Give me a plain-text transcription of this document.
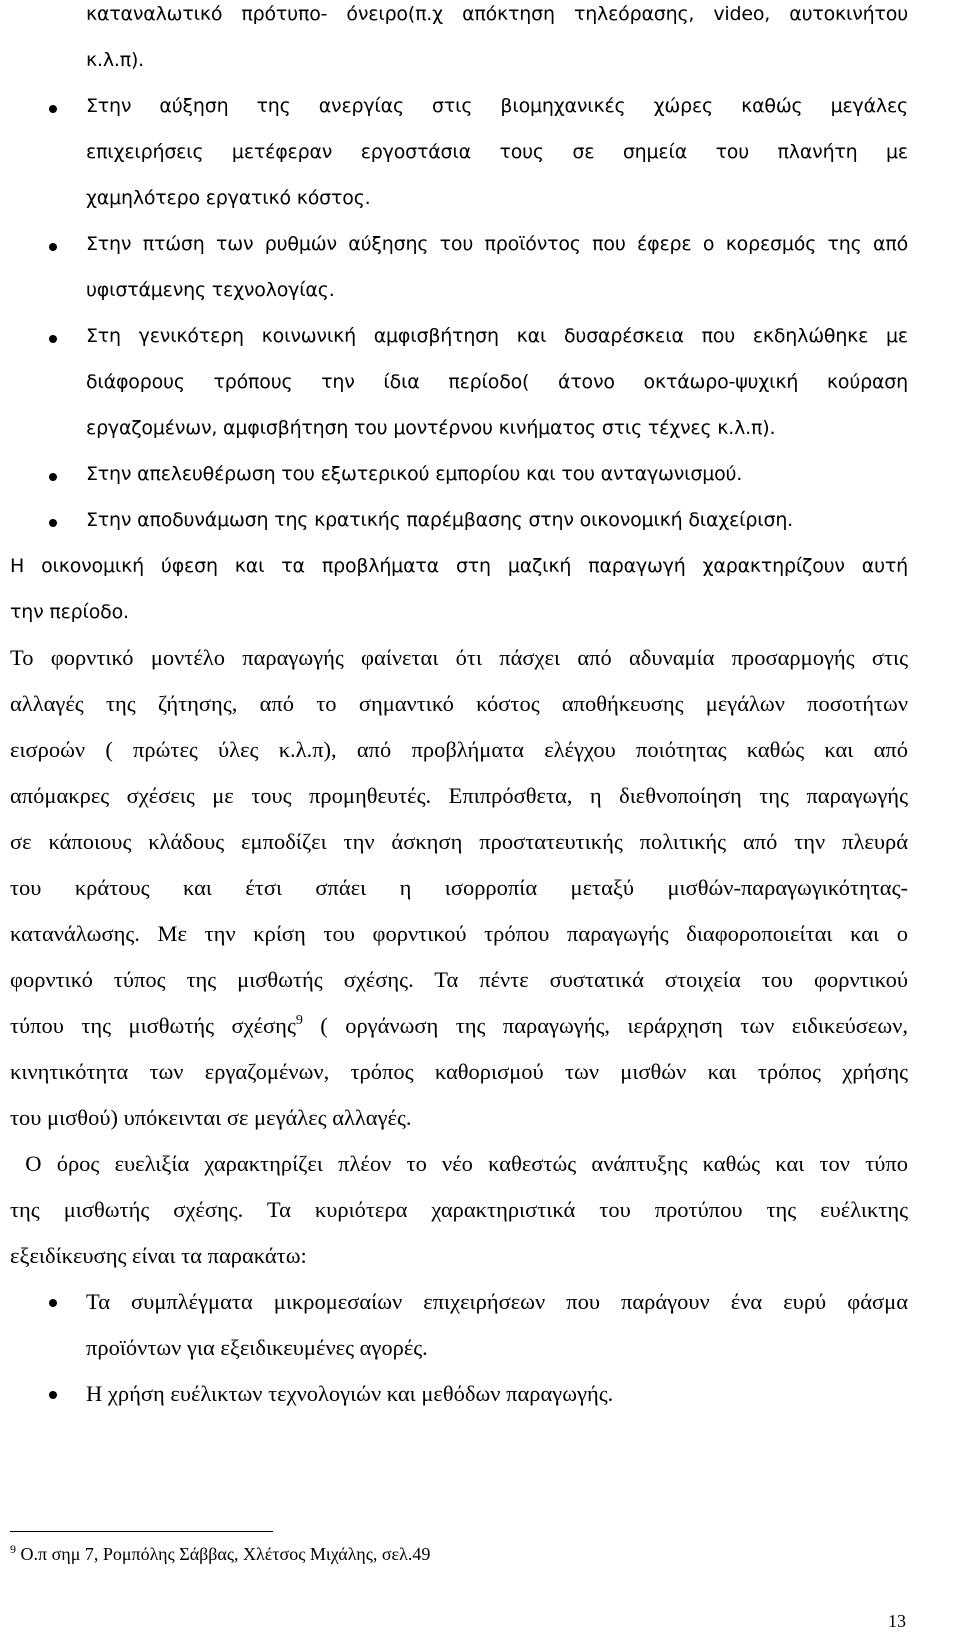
καταναλωτικό πρότυπο- όνειρο(π.χ απόκτηση τηλεόρασης, video, αυτοκινήτου
κ.λ.π).
Στην αύξηση της ανεργίας στις βιομηχανικές χώρες καθώς μεγάλες
επιχειρήσεις μετέφεραν εργοστάσια τους σε σημεία του πλανήτη με
χαμηλότερο εργατικό κόστος.
Στην πτώση των ρυθμών αύξησης του προϊόντος που έφερε ο κορεσμός της από
υφιστάμενης τεχνολογίας.
Στη γενικότερη κοινωνική αμφισβήτηση και δυσαρέσκεια που εκδηλώθηκε με
διάφορους τρόπους την ίδια περίοδο( άτονο οκτάωρο-ψυχική κούραση
εργαζομένων, αμφισβήτηση του μοντέρνου κινήματος στις τέχνες κ.λ.π).
Στην απελευθέρωση του εξωτερικού εμπορίου και του ανταγωνισμού.
Στην αποδυνάμωση της κρατικής παρέμβασης στην οικονομική διαχείριση.
Η οικονομική ύφεση και τα προβλήματα στη μαζική παραγωγή χαρακτηρίζουν αυτή
την περίοδο.
Το φορντικό μοντέλο παραγωγής φαίνεται ότι πάσχει από αδυναμία προσαρμογής στις
αλλαγές της ζήτησης, από το σημαντικό κόστος αποθήκευσης μεγάλων ποσοτήτων
εισροών ( πρώτες ύλες κ.λ.π), από προβλήματα ελέγχου ποιότητας καθώς και από
απόμακρες σχέσεις με τους προμηθευτές. Επιπρόσθετα, η διεθνοποίηση της παραγωγής
σε κάποιους κλάδους εμποδίζει την άσκηση προστατευτικής πολιτικής από την πλευρά
του κράτους και έτσι σπάει η ισορροπία μεταξύ μισθών-παραγωγικότητας-
κατανάλωσης. Με την κρίση του φορντικού τρόπου παραγωγής διαφοροποιείται και ο
φορντικό τύπος της μισθωτής σχέσης. Τα πέντε συστατικά στοιχεία του φορντικού
τύπου της μισθωτής σχέσης$^9$ ( οργάνωση της παραγωγής, ιεράρχηση των ειδικεύσεων,
κινητικότητα των εργαζομένων, τρόπος καθορισμού των μισθών και τρόπος χρήσης
του μισθού) υπόκεινται σε μεγάλες αλλαγές.
Ο όρος ευελιξία χαρακτηρίζει πλέον το νέο καθεστώς ανάπτυξης καθώς και τον τύπο
της μισθωτής σχέσης. Τα κυριότερα χαρακτηριστικά του προτύπου της ευέλικτης
εξειδίκευσης είναι τα παρακάτω:
Τα συμπλέγματα μικρομεσαίων επιχειρήσεων που παράγουν ένα ευρύ φάσμα
προϊόντων για εξειδικευμένες αγορές.
Η χρήση ευέλικτων τεχνολογιών και μεθόδων παραγωγής.
$^9$ Ο.π σημ 7, Ρομπόλης Σάββας, Χλέτσος Μιχάλης, σελ.49
13
